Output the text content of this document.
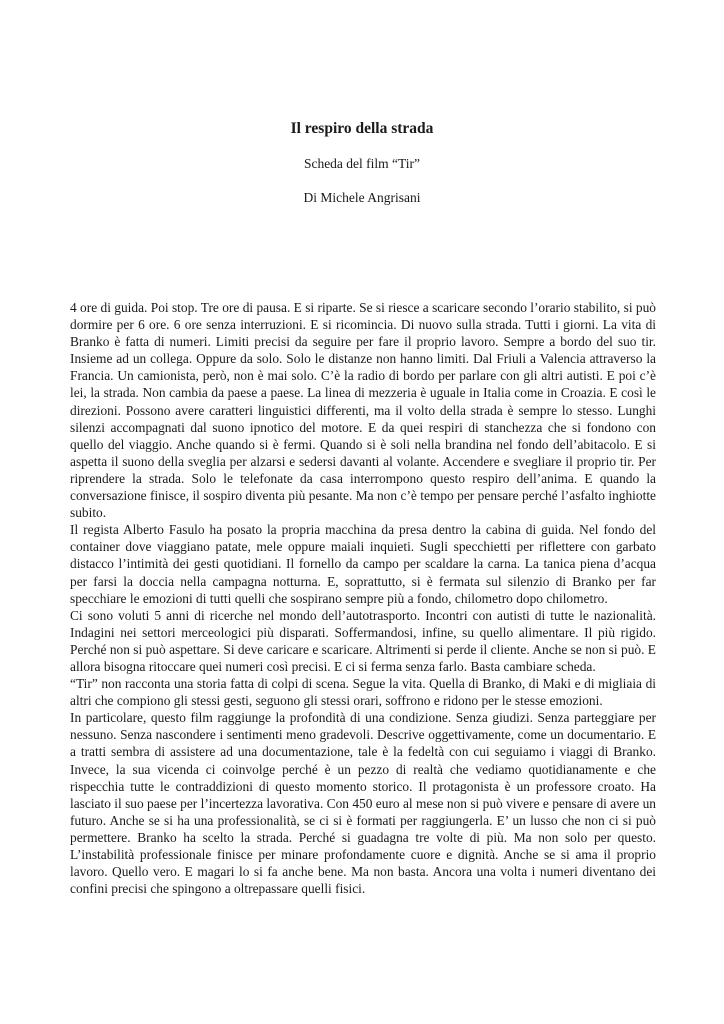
Il respiro della strada
Scheda del film “Tir”
Di Michele Angrisani

4 ore di guida. Poi stop. Tre ore di pausa. E si riparte. Se si riesce a scaricare secondo l’orario stabilito, si può dormire per 6 ore. 6 ore senza interruzioni. E si ricomincia. Di nuovo sulla strada. Tutti i giorni. La vita di Branko è fatta di numeri. Limiti precisi da seguire per fare il proprio lavoro. Sempre a bordo del suo tir. Insieme ad un collega. Oppure da solo. Solo le distanze non hanno limiti. Dal Friuli a Valencia attraverso la Francia. Un camionista, però, non è mai solo. C’è la radio di bordo per parlare con gli altri autisti. E poi c’è lei, la strada. Non cambia da paese a paese. La linea di mezzeria è uguale in Italia come in Croazia. E così le direzioni. Possono avere caratteri linguistici differenti, ma il volto della strada è sempre lo stesso. Lunghi silenzi accompagnati dal suono ipnotico del motore. E da quei respiri di stanchezza che si fondono con quello del viaggio. Anche quando si è fermi. Quando si è soli nella brandina nel fondo dell’abitacolo. E si aspetta il suono della sveglia per alzarsi e sedersi davanti al volante. Accendere e svegliare il proprio tir. Per riprendere la strada. Solo le telefonate da casa interrompono questo respiro dell’anima. E quando la conversazione finisce, il sospiro diventa più pesante. Ma non c’è tempo per pensare perché l’asfalto inghiotte subito.

Il regista Alberto Fasulo ha posato la propria macchina da presa dentro la cabina di guida. Nel fondo del container dove viaggiano patate, mele oppure maiali inquieti. Sugli specchietti per riflettere con garbato distacco l’intimità dei gesti quotidiani. Il fornello da campo per scaldare la carna. La tanica piena d’acqua per farsi la doccia nella campagna notturna. E, soprattutto, si è fermata sul silenzio di Branko per far specchiare le emozioni di tutti quelli che sospirano sempre più a fondo, chilometro dopo chilometro.

Ci sono voluti 5 anni di ricerche nel mondo dell’autotrasporto. Incontri con autisti di tutte le nazionalità. Indagini nei settori merceologici più disparati. Soffermandosi, infine, su quello alimentare. Il più rigido. Perché non si può aspettare. Si deve caricare e scaricare. Altrimenti si perde il cliente. Anche se non si può. E allora bisogna ritoccare quei numeri così precisi. E ci si ferma senza farlo. Basta cambiare scheda.

“Tir” non racconta una storia fatta di colpi di scena. Segue la vita. Quella di Branko, di Maki e di migliaia di altri che compiono gli stessi gesti, seguono gli stessi orari, soffrono e ridono per le stesse emozioni.

In particolare, questo film raggiunge la profondità di una condizione. Senza giudizi. Senza parteggiare per nessuno. Senza nascondere i sentimenti meno gradevoli. Descrive oggettivamente, come un documentario. E a tratti sembra di assistere ad una documentazione, tale è la fedeltà con cui seguiamo i viaggi di Branko. Invece, la sua vicenda ci coinvolge perché è un pezzo di realtà che vediamo quotidianamente e che rispecchia tutte le contraddizioni di questo momento storico. Il protagonista è un professore croato. Ha lasciato il suo paese per l’incertezza lavorativa. Con 450 euro al mese non si può vivere e pensare di avere un futuro. Anche se si ha una professionalità, se ci si è formati per raggiungerla. E’ un lusso che non ci si può permettere. Branko ha scelto la strada. Perché si guadagna tre volte di più. Ma non solo per questo. L’instabilità professionale finisce per minare profondamente cuore e dignità. Anche se si ama il proprio lavoro. Quello vero. E magari lo si fa anche bene. Ma non basta. Ancora una volta i numeri diventano dei confini precisi che spingono a oltrepassare quelli fisici.
